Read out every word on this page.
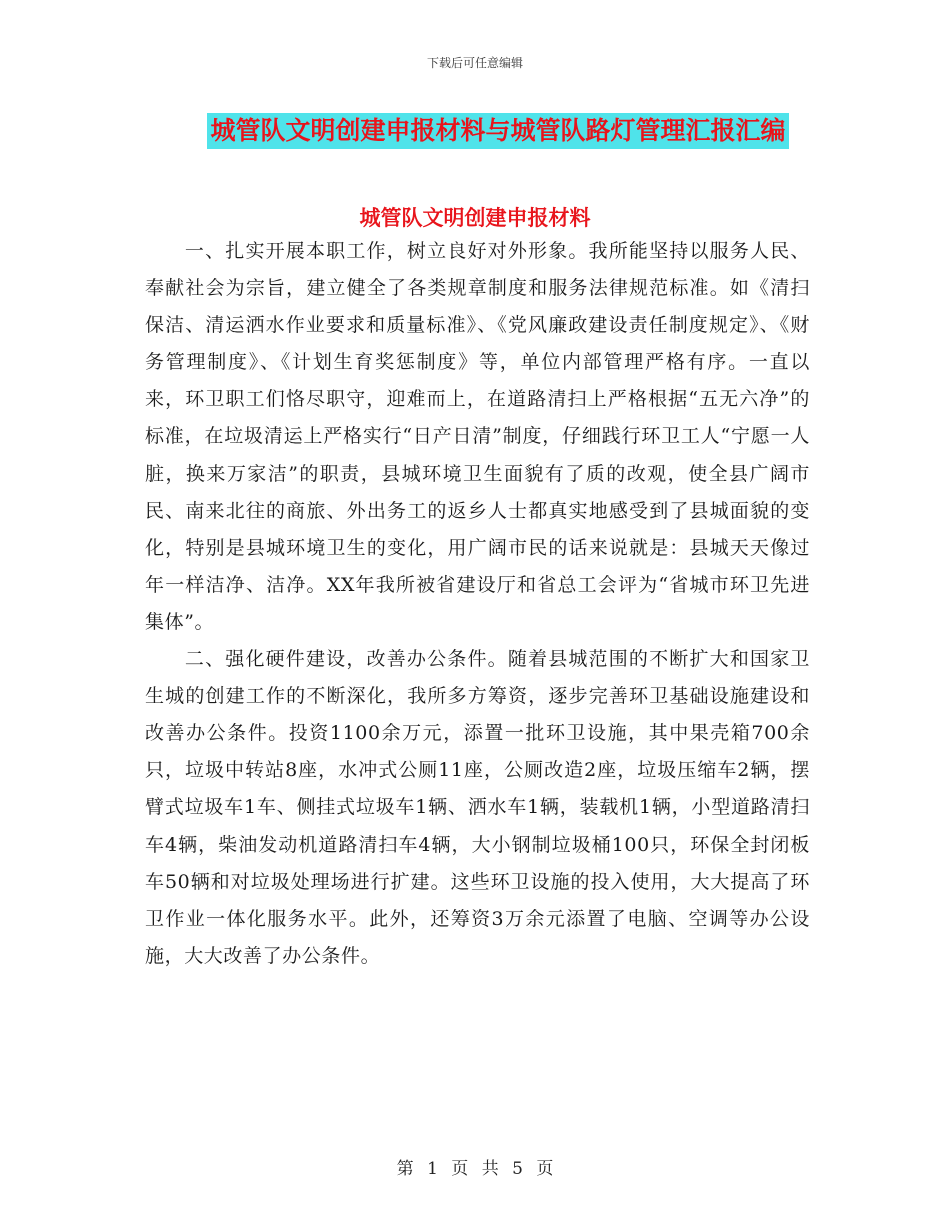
下载后可任意编辑
城管队文明创建申报材料与城管队路灯管理汇报汇编
城管队文明创建申报材料

一、扎实开展本职工作，树立良好对外形象。我所能坚持以服务人民、奉献社会为宗旨，建立健全了各类规章制度和服务法律规范标准。如《清扫保洁、清运洒水作业要求和质量标准》、《党风廉政建设责任制度规定》、《财务管理制度》、《计划生育奖惩制度》等，单位内部管理严格有序。一直以来，环卫职工们恪尽职守，迎难而上，在道路清扫上严格根据“五无六净”的标准，在垃圾清运上严格实行“日产日清”制度，仔细践行环卫工人“宁愿一人脏，换来万家洁”的职责，县城环境卫生面貌有了质的改观，使全县广阔市民、南来北往的商旅、外出务工的返乡人士都真实地感受到了县城面貌的变化，特别是县城环境卫生的变化，用广阔市民的话来说就是：县城天天像过年一样洁净、洁净。XX年我所被省建设厅和省总工会评为“省城市环卫先进集体”。

二、强化硬件建设，改善办公条件。随着县城范围的不断扩大和国家卫生城的创建工作的不断深化，我所多方筹资，逐步完善环卫基础设施建设和改善办公条件。投资1100余万元，添置一批环卫设施，其中果壳箱700余只，垃圾中转站8座，水冲式公厕11座，公厕改造2座，垃圾压缩车2辆，摆臂式垃圾车1车、侧挂式垃圾车1辆、洒水车1辆，装载机1辆，小型道路清扫车4辆，柴油发动机道路清扫车4辆，大小钢制垃圾桶100只，环保全封闭板车50辆和对垃圾处理场进行扩建。这些环卫设施的投入使用，大大提高了环卫作业一体化服务水平。此外，还筹资3万余元添置了电脑、空调等办公设施，大大改善了办公条件。

第 1 页 共 5 页
